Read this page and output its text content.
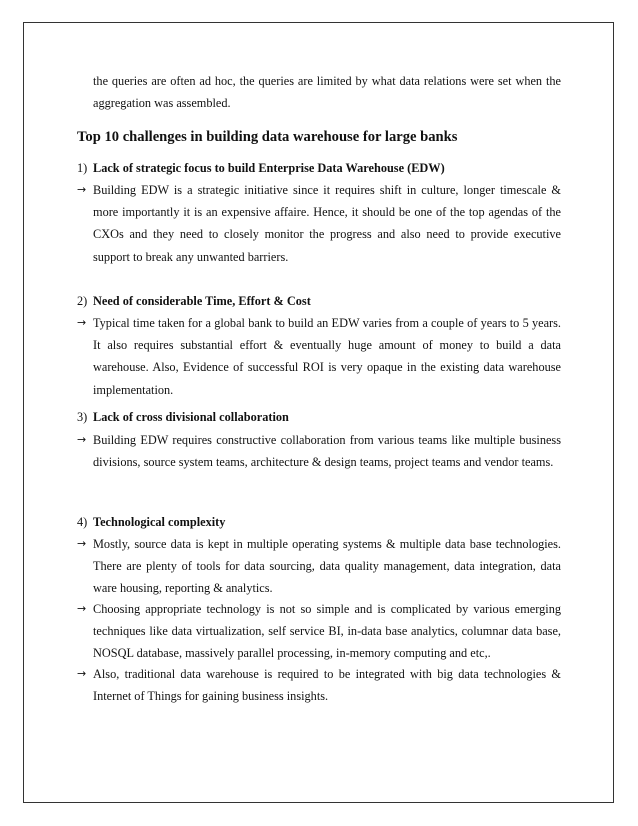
the queries are often ad hoc, the queries are limited by what data relations were set when the aggregation was assembled.

Top 10 challenges in building data warehouse for large banks
1) Lack of strategic focus to build Enterprise Data Warehouse (EDW)
→ Building EDW is a strategic initiative since it requires shift in culture, longer timescale & more importantly it is an expensive affaire. Hence, it should be one of the top agendas of the CXOs and they need to closely monitor the progress and also need to provide executive support to break any unwanted barriers.

2) Need of considerable Time, Effort & Cost
→ Typical time taken for a global bank to build an EDW varies from a couple of years to 5 years. It also requires substantial effort & eventually huge amount of money to build a data warehouse. Also, Evidence of successful ROI is very opaque in the existing data warehouse implementation.

3) Lack of cross divisional collaboration
→ Building EDW requires constructive collaboration from various teams like multiple business divisions, source system teams, architecture & design teams, project teams and vendor teams.

4) Technological complexity
→ Mostly, source data is kept in multiple operating systems & multiple data base technologies. There are plenty of tools for data sourcing, data quality management, data integration, data ware housing, reporting & analytics.

→ Choosing appropriate technology is not so simple and is complicated by various emerging techniques like data virtualization, self service BI, in-data base analytics, columnar data base, NOSQL database, massively parallel processing, in-memory computing and etc,.

→ Also, traditional data warehouse is required to be integrated with big data technologies & Internet of Things for gaining business insights.
